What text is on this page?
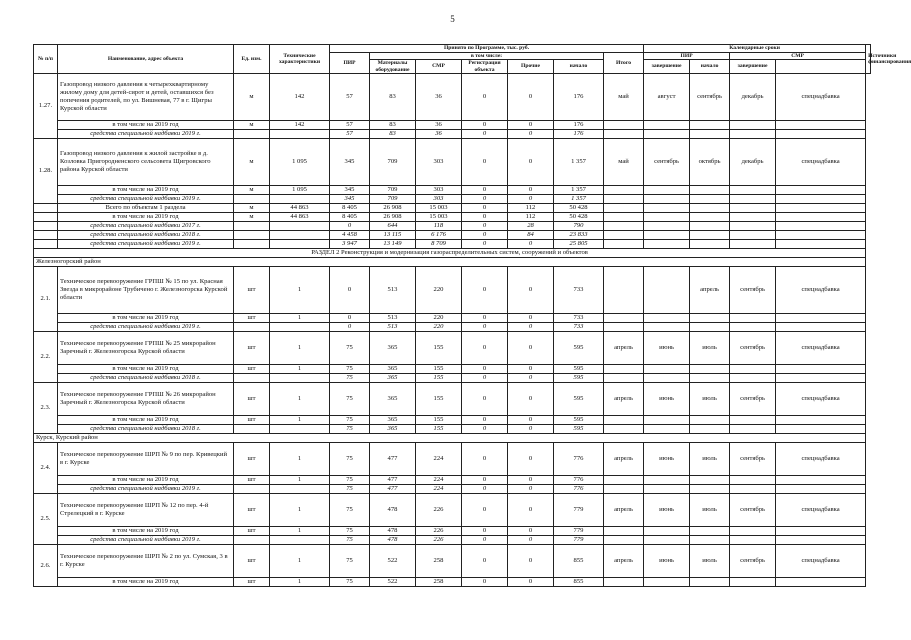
5
№ п/п	Наименование, адрес объекта	Ед. изм.	Технические характеристики	Принято по Программе, тыс. руб.							Календарные сроки				Источники финансирования
				ПИР	в том числе:					Итого	ПИР		СМР		
					Материалы оборудование	СМР	Регистрация объекта	Прочие	начало		завершение	начало	завершение		
1.27.	Газопровод низкого давления к четырехквартирному жилому дому для детей-сирот и детей, оставшихся без попечения родителей, по ул. Вишневая, 77 в г. Щигры Курской области	м	142	57	83	36	0	0	176	май	август	сентябрь	декабрь	спецнадбавка	
	в том числе на 2019 год	м	142	57	83	36	0	0	176						
	средства специальной надбавки 2019 г.			57	83	36	0	0	176						
1.28.	Газопровод низкого давления к жилой застройке в д. Козловка Пригородненского сельсовета Щигровского района Курской области	м	1 095	345	709	303	0	0	1 357	май	сентябрь	октябрь	декабрь	спецнадбавка	
	в том числе на 2019 год	м	1 095	345	709	303	0	0	1 357						
	средства специальной надбавки 2019 г.			345	709	303	0	0	1 357						
	Всего по объектам 1 раздела	м	44 863	8 405	26 908	15 003	0	112	50 428						
	в том числе на 2019 год	м	44 863	8 405	26 908	15 003	0	112	50 428						
	средства специальной надбавки 2017 г.			0	644	118	0	28	790						
	средства специальной надбавки 2018 г.			4 458	13 115	6 176	0	84	23 833						
	средства специальной надбавки 2019 г.			3 947	13 149	8 709	0	0	25 805						
РАЗДЕЛ 2 Реконструкция и модернизация газораспределительных систем, сооружений и объектов															
Железногорский район															
2.1.	Техническое перевооружение ГРПШ № 15 по ул. Красная Звезда в микрорайоне Трубичено г. Железногорска Курской области	шт	1	0	513	220	0	0	733			апрель	сентябрь	спецнадбавка	
	в том числе на 2019 год	шт	1	0	513	220	0	0	733						
	средства специальной надбавки 2019 г.			0	513	220	0	0	733						
2.2.	Техническое перевооружение ГРПШ № 25 микрорайон Заречный г. Железногорска Курской области	шт	1	75	365	155	0	0	595	апрель	июнь	июль	сентябрь	спецнадбавка	
	в том числе на 2019 год	шт	1	75	365	155	0	0	595						
	средства специальной надбавки 2018 г.			75	365	155	0	0	595						
2.3.	Техническое перевооружение ГРПШ № 26 микрорайон Заречный г. Железногорска Курской области	шт	1	75	365	155	0	0	595	апрель	июнь	июль	сентябрь	спецнадбавка	
	в том числе на 2019 год	шт	1	75	365	155	0	0	595						
	средства специальной надбавки 2018 г.			75	365	155	0	0	595						
Курск, Курский район															
2.4.	Техническое перевооружение ШРП № 9 по пер. Кривецкий в г. Курске	шт	1	75	477	224	0	0	776	апрель	июнь	июль	сентябрь	спецнадбавка	
	в том числе на 2019 год	шт	1	75	477	224	0	0	776						
	средства специальной надбавки 2019 г.			75	477	224	0	0	776						
2.5.	Техническое перевооружение ШРП № 12 по пер. 4-й Стрелецкий в г. Курске	шт	1	75	478	226	0	0	779	апрель	июнь	июль	сентябрь	спецнадбавка	
	в том числе на 2019 год	шт	1	75	478	226	0	0	779						
	средства специальной надбавки 2019 г.			75	478	226	0	0	779						
2.6.	Техническое перевооружение ШРП № 2 по ул. Сумская, 3 в г. Курске	шт	1	75	522	258	0	0	855	апрель	июнь	июль	сентябрь	спецнадбавка	
	в том числе на 2019 год	шт	1	75	522	258	0	0	855						
